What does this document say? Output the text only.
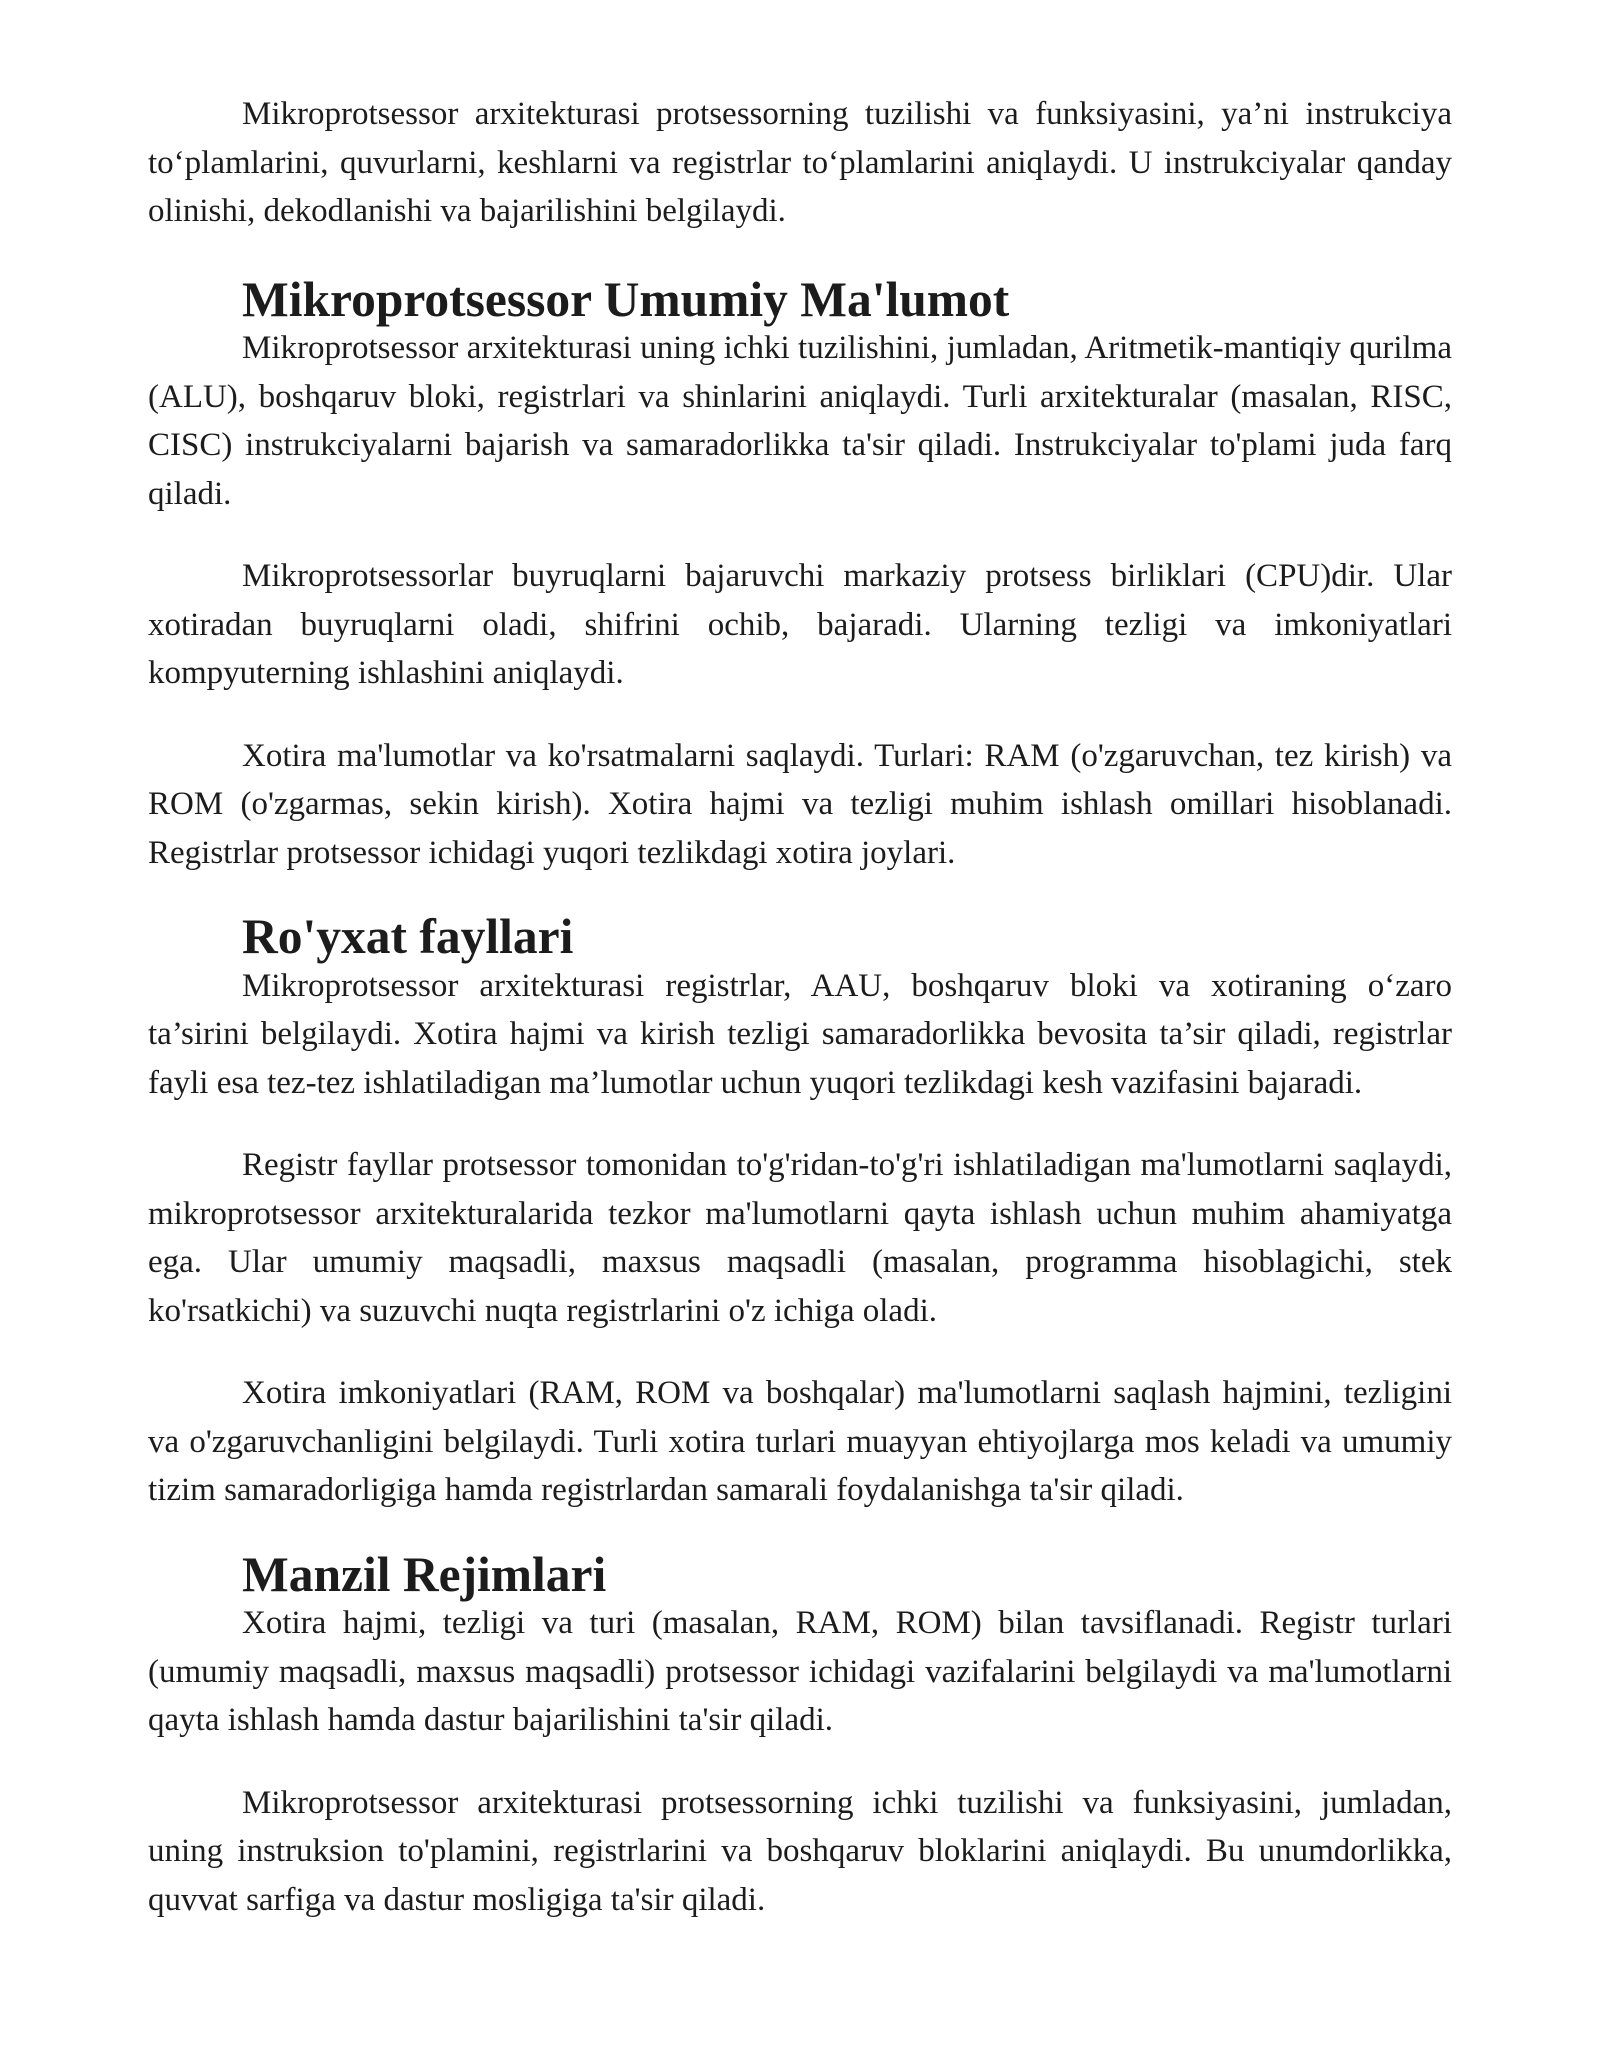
Mikroprotsessor arxitekturasi protsessorning tuzilishi va funksiyasini, ya’ni instrukciya to‘plamlarini, quvurlarni, keshlarni va registrlar to‘plamlarini aniqlaydi. U instrukciyalar qanday olinishi, dekodlanishi va bajarilishini belgilaydi.

Mikroprotsessor Umumiy Ma'lumot

Mikroprotsessor arxitekturasi uning ichki tuzilishini, jumladan, Aritmetik-mantiqiy qurilma (ALU), boshqaruv bloki, registrlari va shinlarini aniqlaydi. Turli arxitekturalar (masalan, RISC, CISC) instrukciyalarni bajarish va samaradorlikka ta'sir qiladi. Instrukciyalar to'plami juda farq qiladi.

Mikroprotsessorlar buyruqlarni bajaruvchi markaziy protsess birliklari (CPU)dir. Ular xotiradan buyruqlarni oladi, shifrini ochib, bajaradi. Ularning tezligi va imkoniyatlari kompyuterning ishlashini aniqlaydi.

Xotira ma'lumotlar va ko'rsatmalarni saqlaydi. Turlari: RAM (o'zgaruvchan, tez kirish) va ROM (o'zgarmas, sekin kirish). Xotira hajmi va tezligi muhim ishlash omillari hisoblanadi. Registrlar protsessor ichidagi yuqori tezlikdagi xotira joylari.

Ro'yxat fayllari

Mikroprotsessor arxitekturasi registrlar, AAU, boshqaruv bloki va xotiraning o‘zaro ta’sirini belgilaydi. Xotira hajmi va kirish tezligi samaradorlikka bevosita ta’sir qiladi, registrlar fayli esa tez-tez ishlatiladigan ma’lumotlar uchun yuqori tezlikdagi kesh vazifasini bajaradi.

Registr fayllar protsessor tomonidan to'g'ridan-to'g'ri ishlatiladigan ma'lumotlarni saqlaydi, mikroprotsessor arxitekturalarida tezkor ma'lumotlarni qayta ishlash uchun muhim ahamiyatga ega. Ular umumiy maqsadli, maxsus maqsadli (masalan, programma hisoblagichi, stek ko'rsatkichi) va suzuvchi nuqta registrlarini o'z ichiga oladi.

Xotira imkoniyatlari (RAM, ROM va boshqalar) ma'lumotlarni saqlash hajmini, tezligini va o'zgaruvchanligini belgilaydi. Turli xotira turlari muayyan ehtiyojlarga mos keladi va umumiy tizim samaradorligiga hamda registrlardan samarali foydalanishga ta'sir qiladi.

Manzil Rejimlari

Xotira hajmi, tezligi va turi (masalan, RAM, ROM) bilan tavsiflanadi. Registr turlari (umumiy maqsadli, maxsus maqsadli) protsessor ichidagi vazifalarini belgilaydi va ma'lumotlarni qayta ishlash hamda dastur bajarilishini ta'sir qiladi.

Mikroprotsessor arxitekturasi protsessorning ichki tuzilishi va funksiyasini, jumladan, uning instruksion to'plamini, registrlarini va boshqaruv bloklarini aniqlaydi. Bu unumdorlikka, quvvat sarfiga va dastur mosligiga ta'sir qiladi.
